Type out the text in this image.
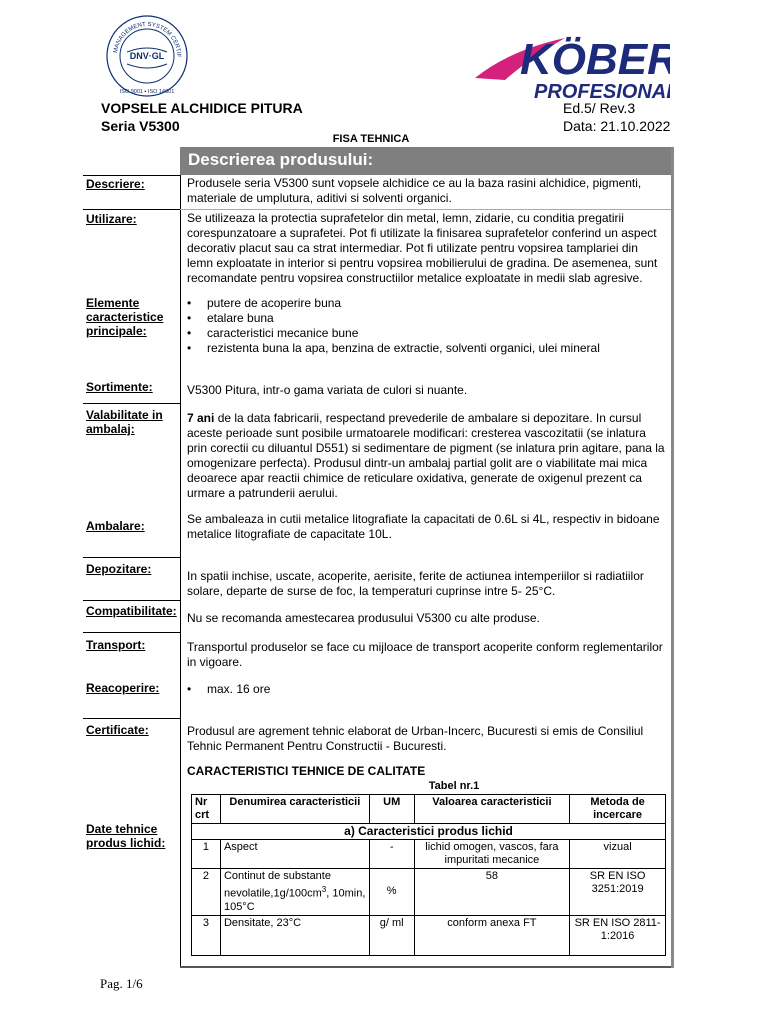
MANAGEMENT SYSTEM CERTIF
DNV·GL
ISO 9001 ▪ ISO 14001
KÖBER
PROFESIONAL
VOPSELE ALCHIDICE PITURA
Seria V5300
Ed.5/ Rev.3
Data: 21.10.2022
FISA TEHNICA
Descrierea produsului:
Descriere:	Produsele seria V5300 sunt vopsele alchidice ce au la baza rasini alchidice, pigmenti, materiale de umplutura, aditivi si solventi organici.
Utilizare:	Se utilizeaza la protectia suprafetelor din metal, lemn, zidarie, cu conditia pregatirii corespunzatoare a suprafetei. Pot fi utilizate la finisarea suprafetelor conferind un aspect decorativ placut sau ca strat intermediar. Pot fi utilizate pentru vopsirea tamplariei din lemn exploatate in interior si pentru vopsirea mobilierului de gradina. De asemenea, sunt recomandate pentru vopsirea constructiilor metalice exploatate in medii slab agresive.
Elemente caracteristice principale:
• putere de acoperire buna
• etalare buna
• caracteristici mecanice bune
• rezistenta buna la apa, benzina de extractie, solventi organici, ulei mineral
Sortimente:	V5300 Pitura, intr-o gama variata de culori si nuante.
Valabilitate in ambalaj:
7 ani de la data fabricarii, respectand prevederile de ambalare si depozitare. In cursul aceste perioade sunt posibile urmatoarele modificari: cresterea vascozitatii (se inlatura prin corectii cu diluantul D551) si sedimentare de pigment (se inlatura prin agitare, pana la omogenizare perfecta). Produsul dintr-un ambalaj partial golit are o viabilitate mai mica deoarece apar reactii chimice de reticulare oxidativa, generate de oxigenul prezent ca urmare a patrunderii aerului.
Ambalare:	Se ambaleaza in cutii metalice litografiate la capacitati de 0.6L si 4L, respectiv in bidoane metalice litografiate de capacitate 10L.
Depozitare:	In spatii inchise, uscate, acoperite, aerisite, ferite de actiunea intemperiilor si radiatiilor solare, departe de surse de foc, la temperaturi cuprinse intre 5- 25°C.
Compatibilitate: Nu se recomanda amestecarea produsului V5300 cu alte produse.
Transport:	Transportul produselor se face cu mijloace de transport acoperite conform reglementarilor in vigoare.
Reacoperire:	• max. 16 ore
Certificate:	Produsul are agrement tehnic elaborat de Urban-Incerc, Bucuresti si emis de Consiliul Tehnic Permanent Pentru Constructii - Bucuresti.
Date tehnice produs lichid:
CARACTERISTICI TEHNICE DE CALITATE
Tabel nr.1
Nr crt	Denumirea caracteristicii	UM	Valoarea caracteristicii	Metoda de incercare
a) Caracteristici produs lichid				
1	Aspect	-	lichid omogen, vascos, fara impuritati mecanice	vizual
2	Continut de substante $nevolatile,1g/100cm^3$, 10min, 105°C	%	58	SR EN ISO 3251:2019
3	Densitate, 23°C	g/ ml	conform anexa FT	SR EN ISO 2811-1:2016
Pag. 1/6
